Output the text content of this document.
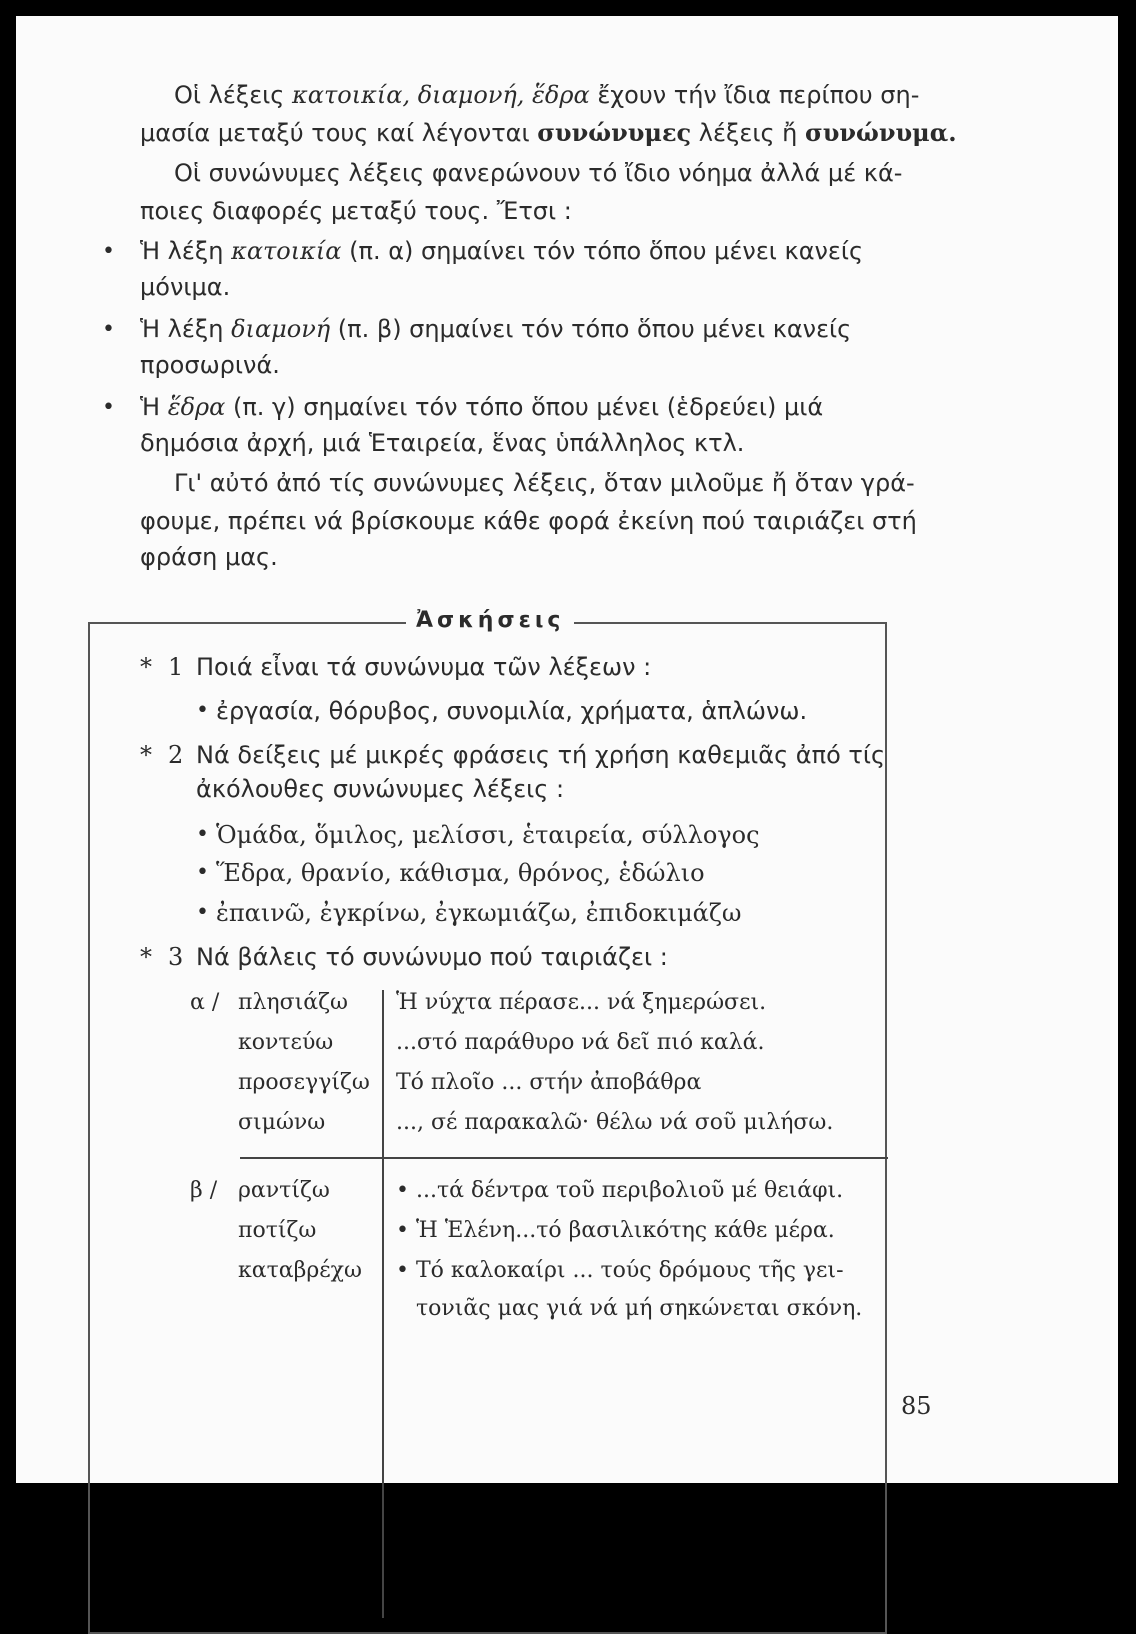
Οἱ λέξεις κατοικία, διαμονή, ἕδρα ἔχουν τήν ἴδια περίπου ση-
μασία μεταξύ τους καί λέγονται συνώνυμες λέξεις ἤ συνώνυμα.
Οἱ συνώνυμες λέξεις φανερώνουν τό ἴδιο νόημα ἀλλά μέ κά-
ποιες διαφορές μεταξύ τους. Ἔτσι :
• Ἡ λέξη κατοικία (π. α) σημαίνει τόν τόπο ὅπου μένει κανείς
μόνιμα.
• Ἡ λέξη διαμονή (π. β) σημαίνει τόν τόπο ὅπου μένει κανείς
προσωρινά.
• Ἡ ἕδρα (π. γ) σημαίνει τόν τόπο ὅπου μένει (ἑδρεύει) μιά
δημόσια ἀρχή, μιά Ἑταιρεία, ἕνας ὑπάλληλος κτλ.
Γι' αὐτό ἀπό τίς συνώνυμες λέξεις, ὅταν μιλοῦμε ἤ ὅταν γρά-
φουμε, πρέπει νά βρίσκουμε κάθε φορά ἐκείνη πού ταιριάζει στή
φράση μας.
Ἀσκήσεις
* 1 Ποιά εἶναι τά συνώνυμα τῶν λέξεων :
• ἐργασία, θόρυβος, συνομιλία, χρήματα, ἁπλώνω.
* 2 Νά δείξεις μέ μικρές φράσεις τή χρήση καθεμιᾶς ἀπό τίς
ἀκόλουθες συνώνυμες λέξεις :
• Ὁμάδα, ὅμιλος, μελίσσι, ἑταιρεία, σύλλογος
• Ἕδρα, θρανίο, κάθισμα, θρόνος, ἑδώλιο
• ἐπαινῶ, ἐγκρίνω, ἐγκωμιάζω, ἐπιδοκιμάζω
* 3 Νά βάλεις τό συνώνυμο πού ταιριάζει :
α / πλησιάζω
κοντεύω
προσεγγίζω
σιμώνω
Ἡ νύχτα πέρασε... νά ξημερώσει.
...στό παράθυρο νά δεῖ πιό καλά.
Τό πλοῖο ... στήν ἀποβάθρα
..., σέ παρακαλῶ· θέλω νά σοῦ μιλήσω.
β / ραντίζω
ποτίζω
καταβρέχω
• ...τά δέντρα τοῦ περιβολιοῦ μέ θειάφι.
• Ἡ Ἑλένη...τό βασιλικότης κάθε μέρα.
• Τό καλοκαίρι ... τούς δρόμους τῆς γει-
τονιᾶς μας γιά νά μή σηκώνεται σκόνη.
85
